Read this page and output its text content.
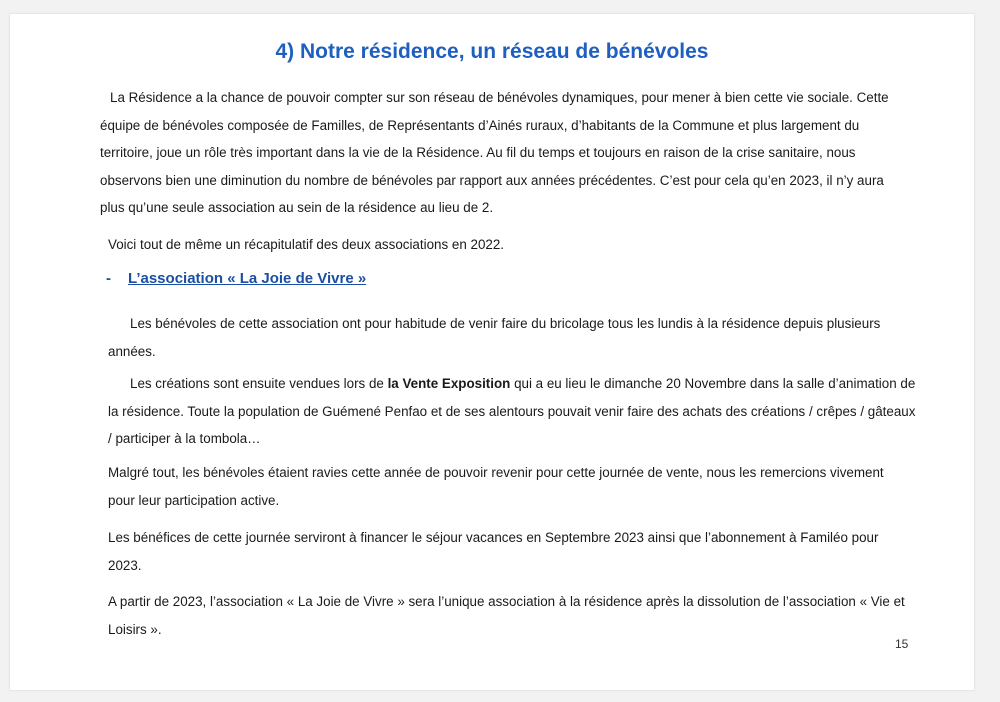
4) Notre résidence, un réseau de bénévoles

La Résidence a la chance de pouvoir compter sur son réseau de bénévoles dynamiques, pour mener à bien cette vie sociale. Cette équipe de bénévoles composée de Familles, de Représentants d’Ainés ruraux, d’habitants de la Commune et plus largement du territoire, joue un rôle très important dans la vie de la Résidence. Au fil du temps et toujours en raison de la crise sanitaire, nous observons bien une diminution du nombre de bénévoles par rapport aux années précédentes. C’est pour cela qu’en 2023, il n’y aura plus qu’une seule association au sein de la résidence au lieu de 2.

Voici tout de même un récapitulatif des deux associations en 2022.

- L’association « La Joie de Vivre »

Les bénévoles de cette association ont pour habitude de venir faire du bricolage tous les lundis à la résidence depuis plusieurs années.

Les créations sont ensuite vendues lors de la Vente Exposition qui a eu lieu le dimanche 20 Novembre dans la salle d’animation de la résidence. Toute la population de Guémené Penfao et de ses alentours pouvait venir faire des achats des créations / crêpes / gâteaux / participer à la tombola…

Malgré tout, les bénévoles étaient ravies cette année de pouvoir revenir pour cette journée de vente, nous les remercions vivement pour leur participation active.

Les bénéfices de cette journée serviront à financer le séjour vacances en Septembre 2023 ainsi que l’abonnement à Familéo pour 2023.

A partir de 2023, l’association « La Joie de Vivre » sera l’unique association à la résidence après la dissolution de l’association « Vie et Loisirs ».

15
